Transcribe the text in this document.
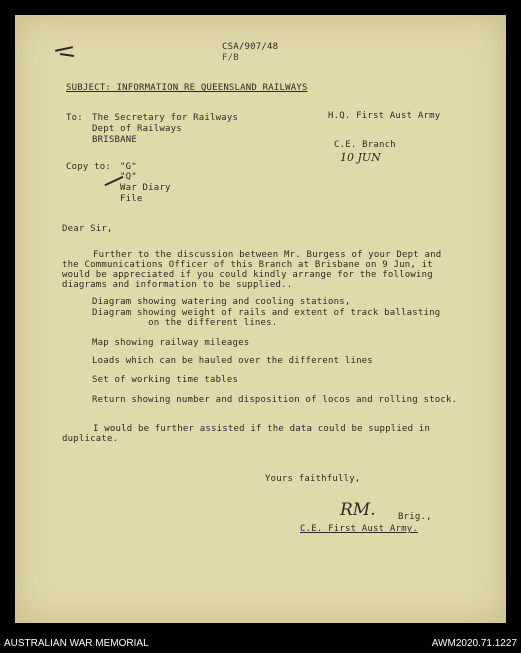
CSA/907/48
F/B
SUBJECT: INFORMATION RE QUEENSLAND RAILWAYS
To: The Secretary for Railways
Dept of Railways
BRISBANE
H.Q. First Aust Army
C.E. Branch
10 JUN
Copy to: "G"
"Q"
War Diary
File
Dear Sir,
Further to the discussion between Mr. Burgess of your Dept and
the Communications Officer of this Branch at Brisbane on 9 Jun, it
would be appreciated if you could kindly arrange for the following
diagrams and information to be supplied..
Diagram showing watering and cooling stations,
Diagram showing weight of rails and extent of track ballasting
on the different lines.
Map showing railway mileages
Loads which can be hauled over the different lines
Set of working time tables
Return showing number and disposition of locos and rolling stock.
I would be further assisted if the data could be supplied in
duplicate.
Yours faithfully,
RM. Brig.,
C.E. First Aust Army.
AUSTRALIAN WAR MEMORIAL	AWM2020.71.1227
